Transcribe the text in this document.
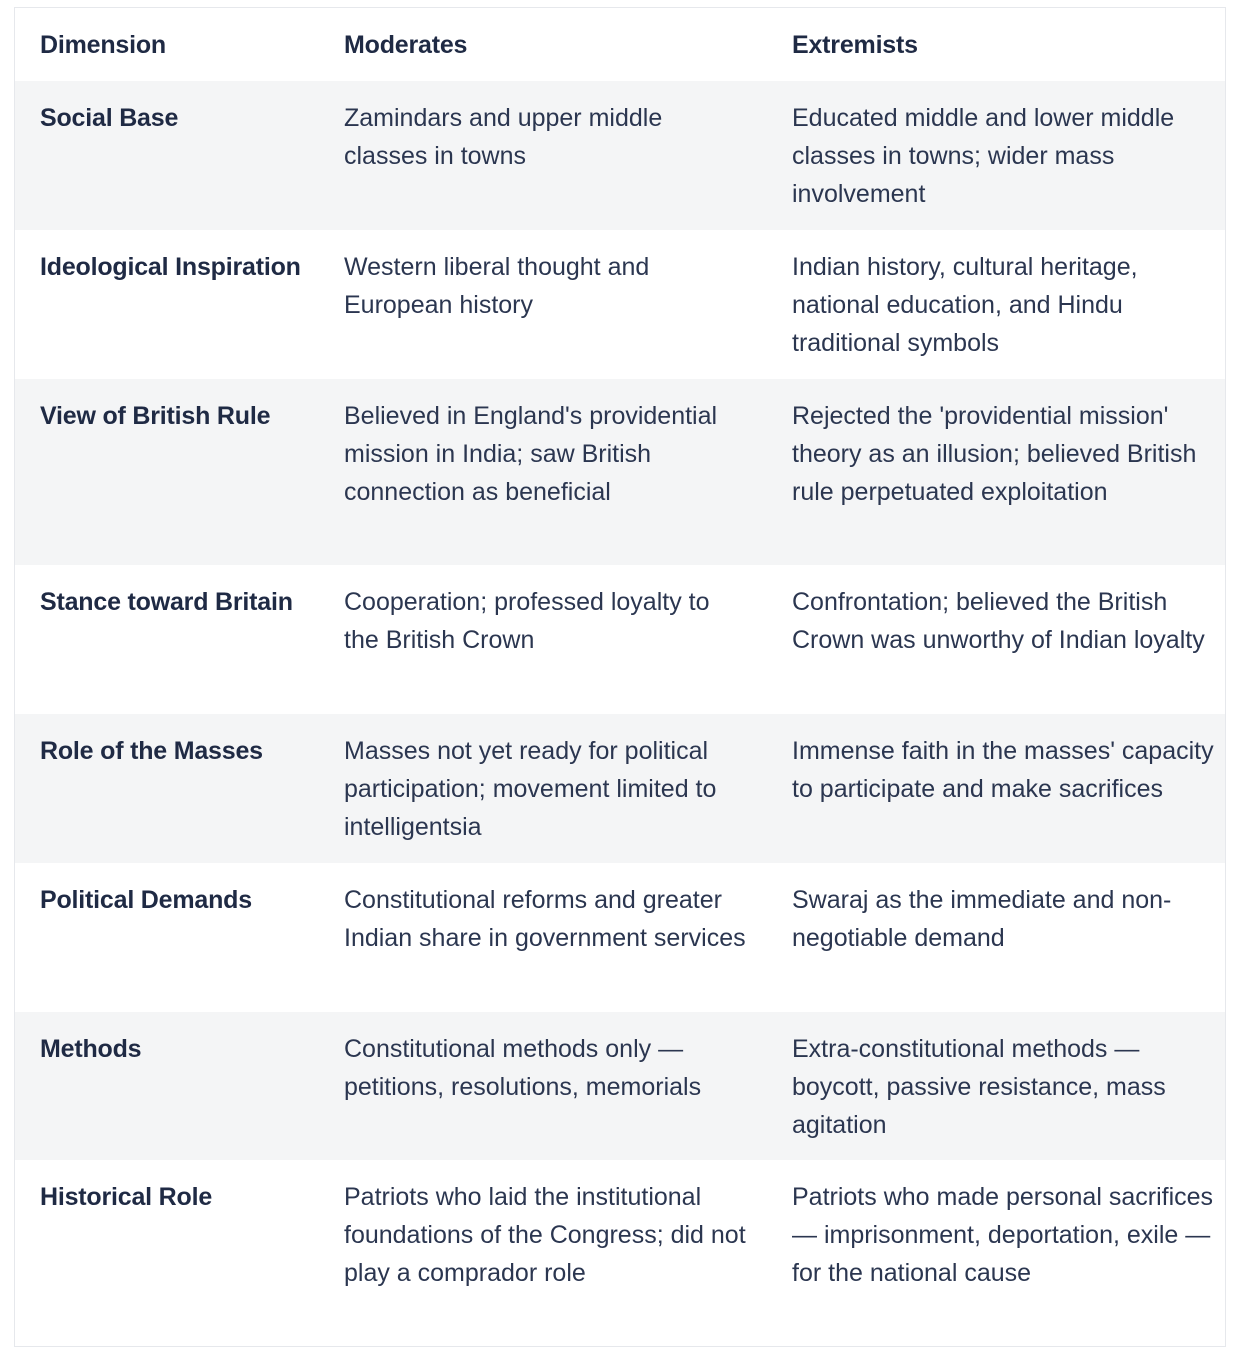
Dimension	Moderates	Extremists
Social Base	Zamindars and upper middle classes in towns	Educated middle and lower middle classes in towns; wider mass involvement
Ideological Inspiration	Western liberal thought and European history	Indian history, cultural heritage, national education, and Hindu traditional symbols
View of British Rule	Believed in England's providential mission in India; saw British connection as beneficial	Rejected the 'providential mission' theory as an illusion; believed British rule perpetuated exploitation
Stance toward Britain	Cooperation; professed loyalty to the British Crown	Confrontation; believed the British Crown was unworthy of Indian loyalty
Role of the Masses	Masses not yet ready for political participation; movement limited to intelligentsia	Immense faith in the masses' capacity to participate and make sacrifices
Political Demands	Constitutional reforms and greater Indian share in government services	Swaraj as the immediate and non-negotiable demand
Methods	Constitutional methods only — petitions, resolutions, memorials	Extra-constitutional methods — boycott, passive resistance, mass agitation
Historical Role	Patriots who laid the institutional foundations of the Congress; did not play a comprador role	Patriots who made personal sacrifices — imprisonment, deportation, exile — for the national cause
